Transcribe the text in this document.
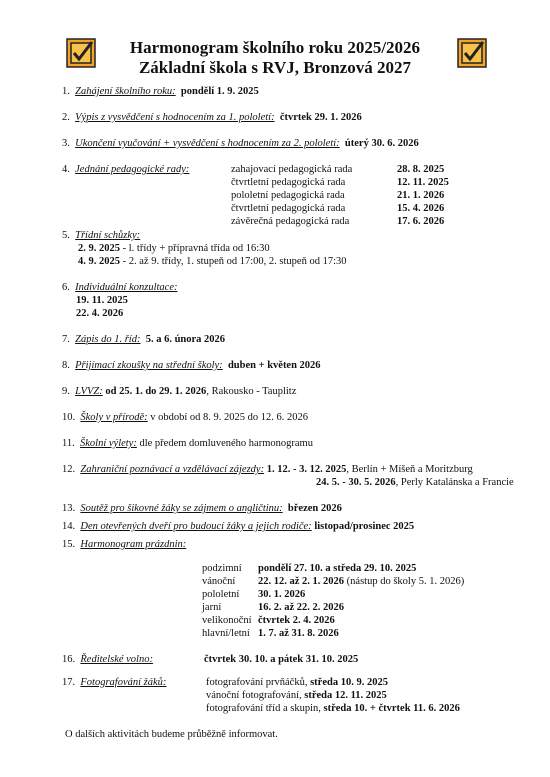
Harmonogram školního roku 2025/2026
Základní škola s RVJ, Bronzová 2027
1. Zahájení školního roku: pondělí 1. 9. 2025
2. Výpis z vysvědčení s hodnocením za 1. pololetí: čtvrtek 29. 1. 2026
3. Ukončení vyučování + vysvědčení s hodnocením za 2. pololetí: úterý 30. 6. 2026
4. Jednání pedagogické rady:	zahajovací pedagogická rada	28. 8. 2025
čtvrtletní pedagogická rada	12. 11. 2025
pololetní pedagogická rada	21. 1. 2026
čtvrtletní pedagogická rada	15. 4. 2026
závěrečná pedagogická rada	17. 6. 2026
5. Třídní schůzky:
2. 9. 2025 - l. třídy + přípravná třída od 16:30
4. 9. 2025 - 2. až 9. třídy, 1. stupeň od 17:00, 2. stupeň od 17:30
6. Individuální konzultace:
19. 11. 2025
22. 4. 2026
7. Zápis do 1. říd: 5. a 6. února 2026
8. Přijímací zkoušky na střední školy: duben + květen 2026
9. LVVZ: od 25. 1. do 29. 1. 2026, Rakousko - Tauplitz
10. Školy v přírodě: v období od 8. 9. 2025 do 12. 6. 2026
11. Školní výlety: dle předem domluveného harmonogramu
12. Zahraniční poznávací a vzdělávací zájezdy: 1. 12. - 3. 12. 2025, Berlín + Míšeň a Moritzburg
24. 5. - 30. 5. 2026, Perly Katalánska a Francie
13. Soutěž pro šikovné žáky se zájmem o angličtinu: březen 2026
14. Den otevřených dveří pro budoucí žáky a jejich rodiče: listopad/prosinec 2025
15. Harmonogram prázdnin:
podzimní pondělí 27. 10. a středa 29. 10. 2025
vánoční 22. 12. až 2. 1. 2026 (nástup do školy 5. 1. 2026)
pololetní 30. 1. 2026
jarní	16. 2. až 22. 2. 2026
velikonoční čtvrtek 2. 4. 2026
hlavní/letní 1. 7. až 31. 8. 2026
16. Ředitelské volno:	čtvrtek 30. 10. a pátek 31. 10. 2025
17. Fotografování žáků:	fotografování prvňáčků, středa 10. 9. 2025
vánoční fotografování, středa 12. 11. 2025
fotografování tříd a skupin, středa 10. + čtvrtek 11. 6. 2026
O dalších aktivitách budeme průběžně informovat.
